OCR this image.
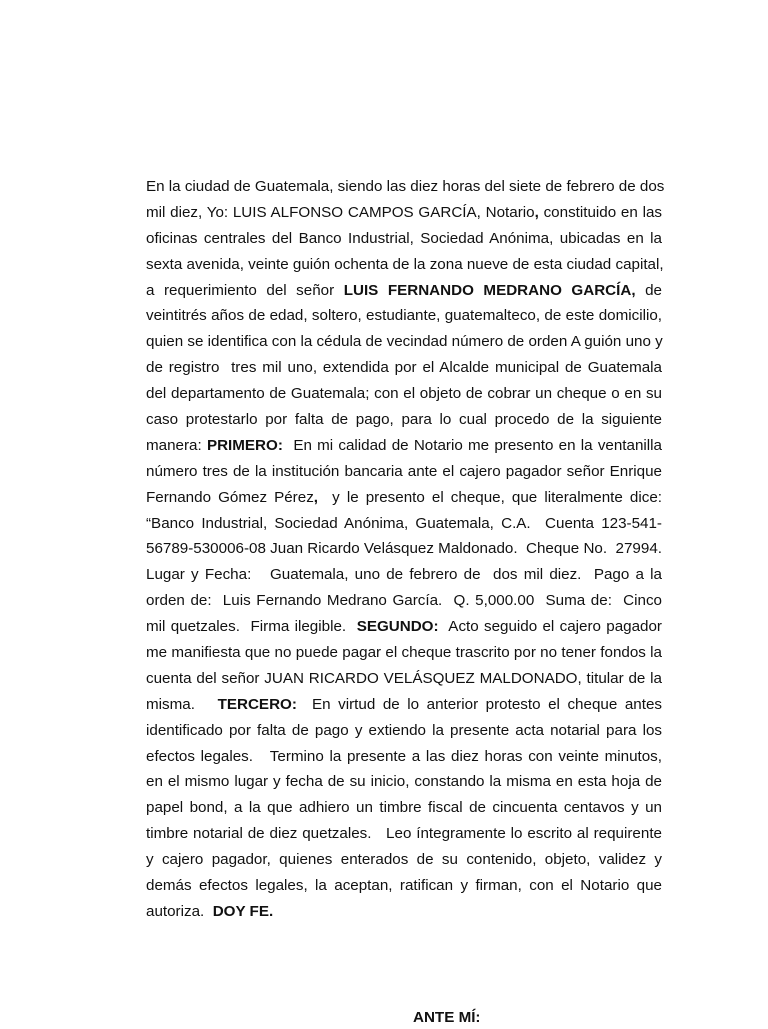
En la ciudad de Guatemala, siendo las diez horas del siete de febrero de dos
mil diez, Yo: LUIS ALFONSO CAMPOS GARCÍA, Notario, constituido en las
oficinas centrales del Banco Industrial, Sociedad Anónima, ubicadas en la
sexta avenida, veinte guión ochenta de la zona nueve de esta ciudad capital,
a requerimiento del señor LUIS FERNANDO MEDRANO GARCÍA, de
veintitrés años de edad, soltero, estudiante, guatemalteco, de este domicilio,
quien se identifica con la cédula de vecindad número de orden A guión uno y
de registro  tres mil uno, extendida por el Alcalde municipal de Guatemala
del departamento de Guatemala; con el objeto de cobrar un cheque o en su
caso protestarlo por falta de pago, para lo cual procedo de la siguiente
manera: PRIMERO:  En mi calidad de Notario me presento en la ventanilla
número tres de la institución bancaria ante el cajero pagador señor Enrique
Fernando Gómez Pérez,  y le presento el cheque, que literalmente dice:
“Banco Industrial, Sociedad Anónima, Guatemala, C.A.  Cuenta 123-541-
56789-530006-08 Juan Ricardo Velásquez Maldonado.  Cheque No.  27994.
Lugar y Fecha:   Guatemala, uno de febrero de  dos mil diez.  Pago a la
orden de:  Luis Fernando Medrano García.  Q. 5,000.00  Suma de:  Cinco
mil quetzales.  Firma ilegible.  SEGUNDO:  Acto seguido el cajero pagador
me manifiesta que no puede pagar el cheque trascrito por no tener fondos la
cuenta del señor JUAN RICARDO VELÁSQUEZ MALDONADO, titular de la
misma.   TERCERO:  En virtud de lo anterior protesto el cheque antes
identificado por falta de pago y extiendo la presente acta notarial para los
efectos legales.   Termino la presente a las diez horas con veinte minutos,
en el mismo lugar y fecha de su inicio, constando la misma en esta hoja de
papel bond, a la que adhiero un timbre fiscal de cincuenta centavos y un
timbre notarial de diez quetzales.   Leo íntegramente lo escrito al requirente
y cajero pagador, quienes enterados de su contenido, objeto, validez y
demás efectos legales, la aceptan, ratifican y firman, con el Notario que
autoriza.  DOY FE.
ANTE MÍ:
